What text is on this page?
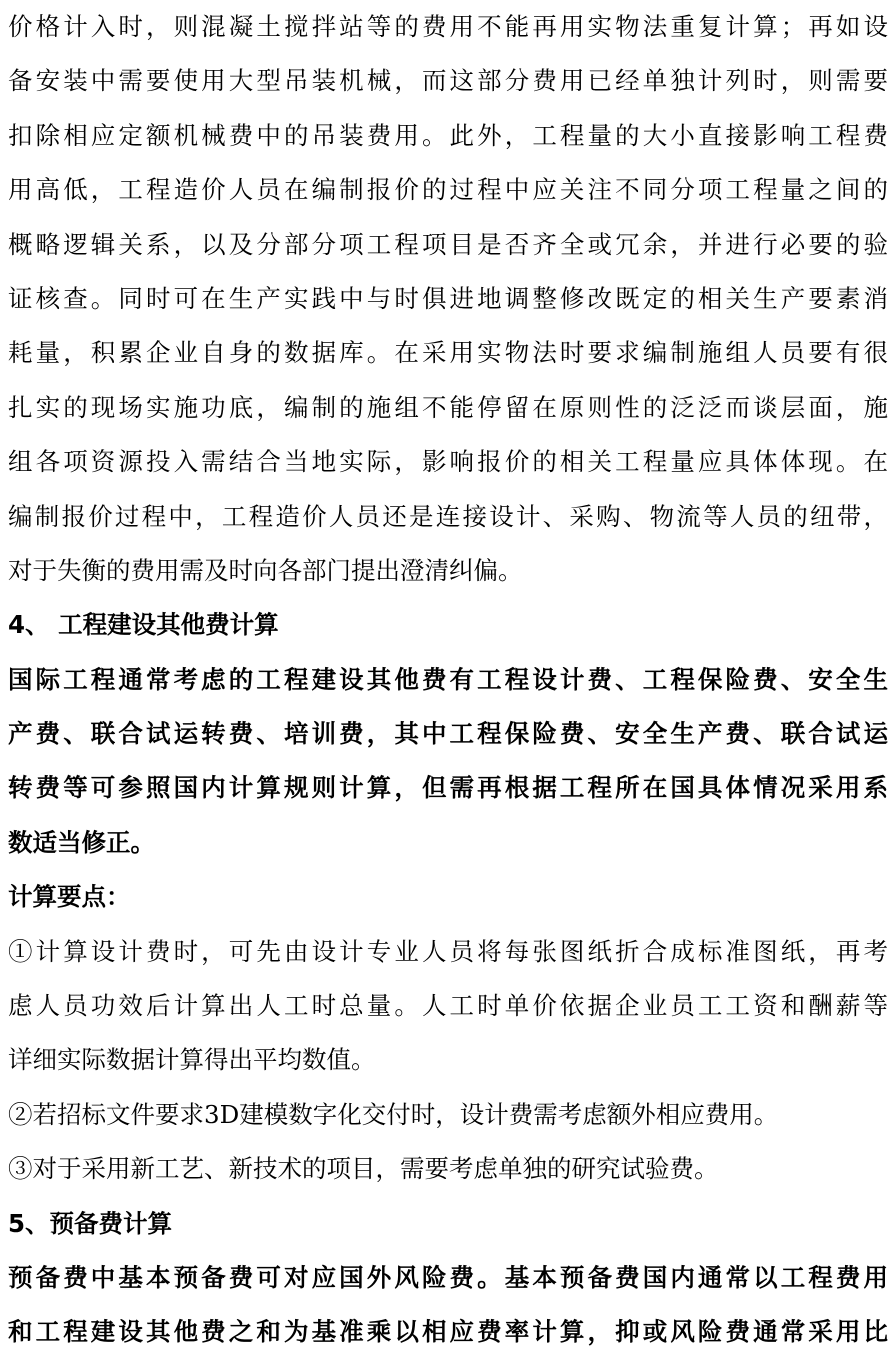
价格计入时，则混凝土搅拌站等的费用不能再用实物法重复计算；再如设
备安装中需要使用大型吊装机械，而这部分费用已经单独计列时，则需要
扣除相应定额机械费中的吊装费用。此外，工程量的大小直接影响工程费
用高低，工程造价人员在编制报价的过程中应关注不同分项工程量之间的
概略逻辑关系，以及分部分项工程项目是否齐全或冗余，并进行必要的验
证核查。同时可在生产实践中与时俱进地调整修改既定的相关生产要素消
耗量，积累企业自身的数据库。在采用实物法时要求编制施组人员要有很
扎实的现场实施功底，编制的施组不能停留在原则性的泛泛而谈层面，施
组各项资源投入需结合当地实际，影响报价的相关工程量应具体体现。在
编制报价过程中，工程造价人员还是连接设计、采购、物流等人员的纽带，
对于失衡的费用需及时向各部门提出澄清纠偏。
4、 工程建设其他费计算
国际工程通常考虑的工程建设其他费有工程设计费、工程保险费、安全生
产费、联合试运转费、培训费，其中工程保险费、安全生产费、联合试运
转费等可参照国内计算规则计算，但需再根据工程所在国具体情况采用系
数适当修正。
计算要点：
①计算设计费时，可先由设计专业人员将每张图纸折合成标准图纸，再考
虑人员功效后计算出人工时总量。人工时单价依据企业员工工资和酬薪等
详细实际数据计算得出平均数值。
②若招标文件要求3D建模数字化交付时，设计费需考虑额外相应费用。
③对于采用新工艺、新技术的项目，需要考虑单独的研究试验费。
5、预备费计算
预备费中基本预备费可对应国外风险费。基本预备费国内通常以工程费用
和工程建设其他费之和为基准乘以相应费率计算，抑或风险费通常采用比
